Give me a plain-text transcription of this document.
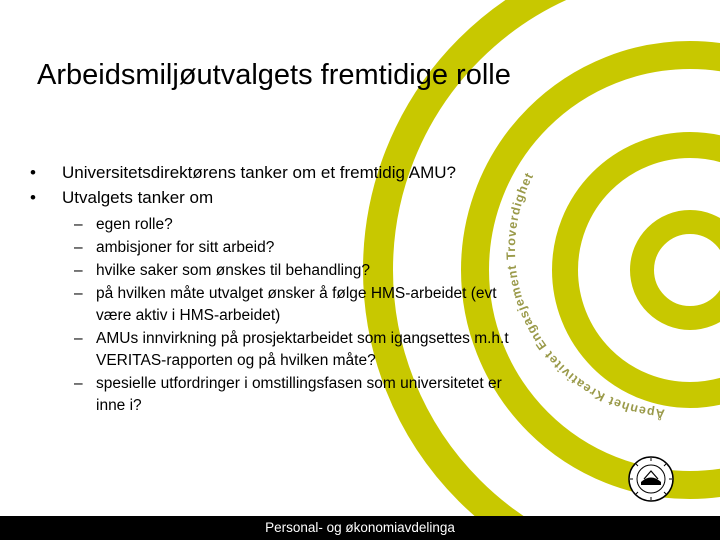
Åpenhet Kreativitet Engasjement Troverdighet
Arbeidsmiljøutvalgets fremtidige rolle
• Universitetsdirektørens tanker om et fremtidig AMU?
• Utvalgets tanker om
– egen rolle?
– ambisjoner for sitt arbeid?
– hvilke saker som ønskes til behandling?
– på hvilken måte utvalget ønsker å følge HMS-arbeidet (evt
være aktiv i HMS-arbeidet)
– AMUs innvirkning på prosjektarbeidet som igangsettes m.h.t
VERITAS-rapporten og på hvilken måte?
– spesielle utfordringer i omstillingsfasen som universitetet er
inne i?
Personal- og økonomiavdelinga
